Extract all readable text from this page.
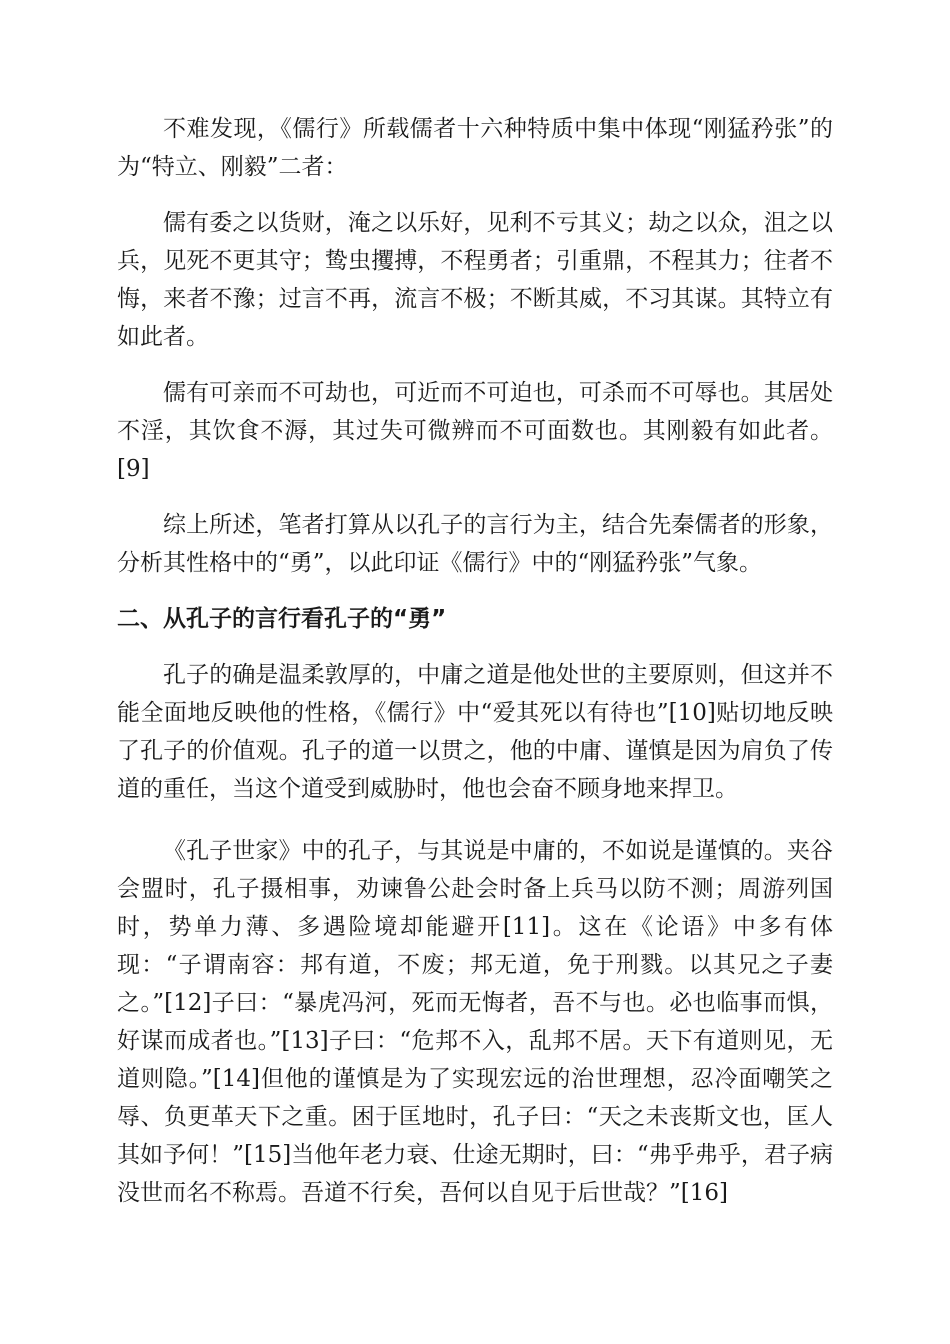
不难发现，《儒行》所载儒者十六种特质中集中体现“刚猛矜张”的为“特立、刚毅”二者：

儒有委之以货财，淹之以乐好，见利不亏其义；劫之以众，沮之以兵，见死不更其守；鸷虫攫搏，不程勇者；引重鼎，不程其力；往者不悔，来者不豫；过言不再，流言不极；不断其威，不习其谋。其特立有如此者。

儒有可亲而不可劫也，可近而不可迫也，可杀而不可辱也。其居处不淫，其饮食不溽，其过失可微辨而不可面数也。其刚毅有如此者。[9]

综上所述，笔者打算从以孔子的言行为主，结合先秦儒者的形象，分析其性格中的“勇”，以此印证《儒行》中的“刚猛矜张”气象。

二、从孔子的言行看孔子的“勇”

孔子的确是温柔敦厚的，中庸之道是他处世的主要原则，但这并不能全面地反映他的性格，《儒行》中“爱其死以有待也”[10]贴切地反映了孔子的价值观。孔子的道一以贯之，他的中庸、谨慎是因为肩负了传道的重任，当这个道受到威胁时，他也会奋不顾身地来捍卫。

《孔子世家》中的孔子，与其说是中庸的，不如说是谨慎的。夹谷会盟时，孔子摄相事，劝谏鲁公赴会时备上兵马以防不测；周游列国时，势单力薄、多遇险境却能避开[11]。这在《论语》中多有体现：“子谓南容：邦有道，不废；邦无道，免于刑戮。以其兄之子妻之。”[12]子曰：“暴虎冯河，死而无悔者，吾不与也。必也临事而惧，好谋而成者也。”[13]子曰：“危邦不入，乱邦不居。天下有道则见，无道则隐。”[14]但他的谨慎是为了实现宏远的治世理想，忍冷面嘲笑之辱、负更革天下之重。困于匡地时，孔子曰：“天之未丧斯文也，匡人其如予何！”[15]当他年老力衰、仕途无期时，曰：“弗乎弗乎，君子病没世而名不称焉。吾道不行矣，吾何以自见于后世哉？”[16]
